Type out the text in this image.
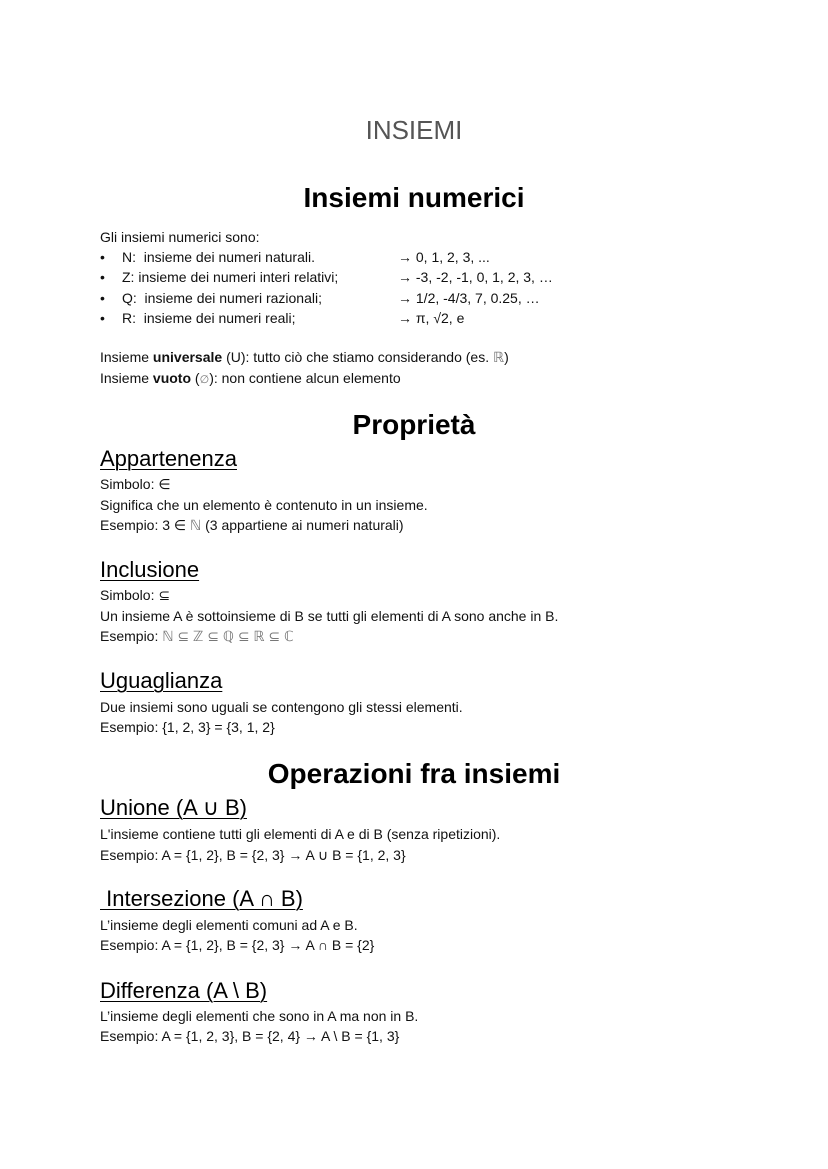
INSIEMI
Insiemi numerici

Gli insiemi numerici sono:

• N:  insieme dei numeri naturali.	→ 0, 1, 2, 3, ...
• Z: insieme dei numeri interi relativi;	→ -3, -2, -1, 0, 1, 2, 3, …
• Q:  insieme dei numeri razionali;	→ 1/2, -4/3, 7, 0.25, …
• R:  insieme dei numeri reali;	→ π, √2, e

Insieme universale (U): tutto ciò che stiamo considerando (es. ℝ)

Insieme vuoto (∅): non contiene alcun elemento

Proprietà
Appartenenza

Simbolo: ∈

Significa che un elemento è contenuto in un insieme.

Esempio: 3 ∈ ℕ (3 appartiene ai numeri naturali)

Inclusione

Simbolo: ⊆

Un insieme A è sottoinsieme di B se tutti gli elementi di A sono anche in B.

Esempio: ℕ ⊆ ℤ ⊆ ℚ ⊆ ℝ ⊆ ℂ

Uguaglianza

Due insiemi sono uguali se contengono gli stessi elementi.

Esempio: {1, 2, 3} = {3, 1, 2}

Operazioni fra insiemi
Unione (A ∪ B)

L'insieme contiene tutti gli elementi di A e di B (senza ripetizioni).

Esempio: A = {1, 2}, B = {2, 3} → A ∪ B = {1, 2, 3}

Intersezione (A ∩ B)

L’insieme degli elementi comuni ad A e B.

Esempio: A = {1, 2}, B = {2, 3} → A ∩ B = {2}

Differenza (A \ B)

L’insieme degli elementi che sono in A ma non in B.

Esempio: A = {1, 2, 3}, B = {2, 4} → A \ B = {1, 3}
